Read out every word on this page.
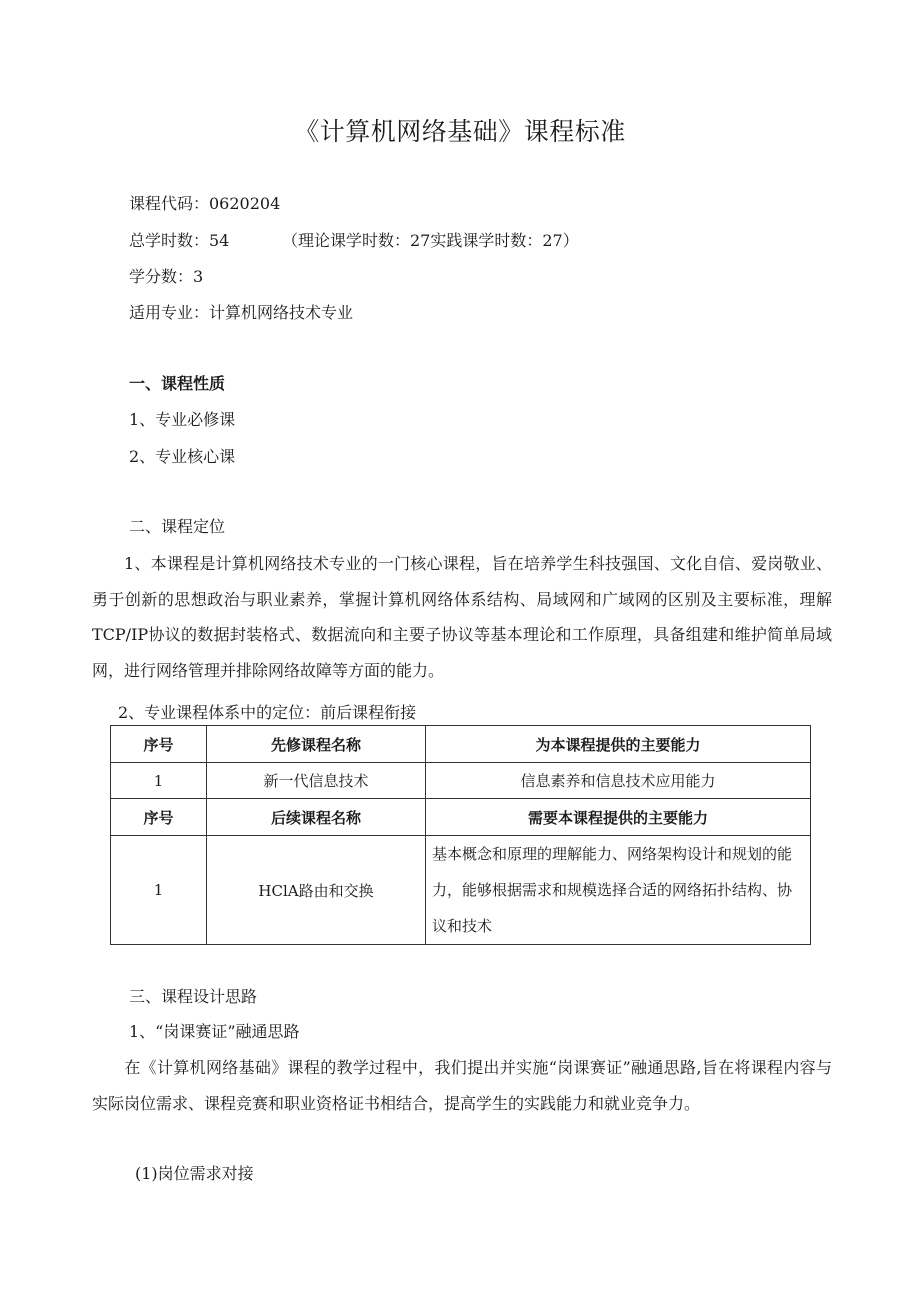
《计算机网络基础》课程标准
课程代码：0620204
总学时数：54	（理论课学时数：27实践课学时数：27）
学分数：3
适用专业：计算机网络技术专业
一、课程性质
1、专业必修课
2、专业核心课
二、课程定位
1、本课程是计算机网络技术专业的一门核心课程，旨在培养学生科技强国、文化自信、爱岗敬业、勇于创新的思想政治与职业素养，掌握计算机网络体系结构、局域网和广域网的区别及主要标准，理解TCP/IP协议的数据封装格式、数据流向和主要子协议等基本理论和工作原理，具备组建和维护简单局域网，进行网络管理并排除网络故障等方面的能力。
2、专业课程体系中的定位：前后课程衔接
序号	先修课程名称	为本课程提供的主要能力
1	新一代信息技术	信息素养和信息技术应用能力
序号	后续课程名称	需要本课程提供的主要能力
1	HClA路由和交换	基本概念和原理的理解能力、网络架构设计和规划的能力，能够根据需求和规模选择合适的网络拓扑结构、协议和技术
三、课程设计思路
1、“岗课赛证”融通思路
在《计算机网络基础》课程的教学过程中，我们提出并实施“岗课赛证”融通思路,旨在将课程内容与实际岗位需求、课程竞赛和职业资格证书相结合，提高学生的实践能力和就业竞争力。
(1)岗位需求对接
